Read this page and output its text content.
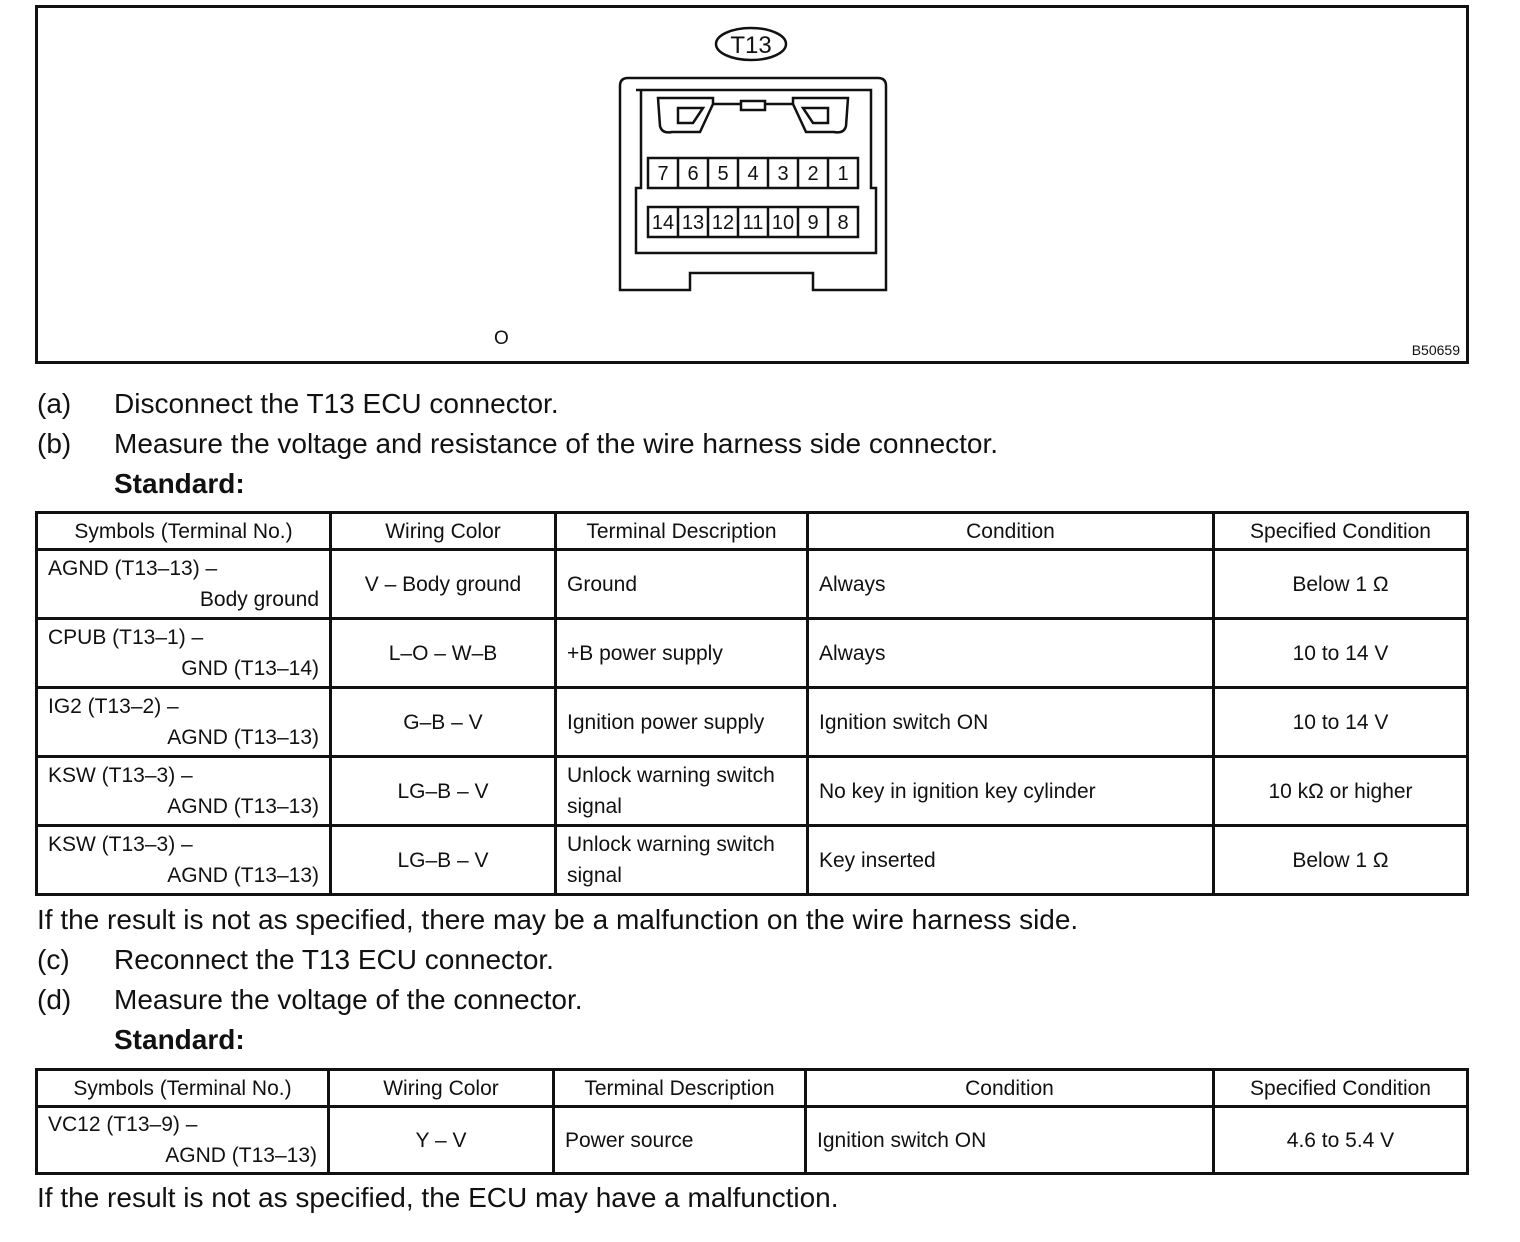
T13
7 6 5 4 3 2 1
14 13 12 11 10 9 8
O
B50659
(a) Disconnect the T13 ECU connector.
(b) Measure the voltage and resistance of the wire harness side connector.
Standard:
Symbols (Terminal No.)	Wiring Color	Terminal Description	Condition	Specified Condition

AGND (T13–13) –
Body ground	V – Body ground	Ground	Always	Below 1 Ω

CPUB (T13–1) –
GND (T13–14)	L–O – W–B	+B power supply	Always	10 to 14 V

IG2 (T13–2) –
AGND (T13–13)	G–B – V	Ignition power supply	Ignition switch ON	10 to 14 V

KSW (T13–3) –
AGND (T13–13)	LG–B – V	Unlock warning switch signal	No key in ignition key cylinder	10 kΩ or higher

KSW (T13–3) –
AGND (T13–13)	LG–B – V	Unlock warning switch signal	Key inserted	Below 1 Ω
If the result is not as specified, there may be a malfunction on the wire harness side.
(c) Reconnect the T13 ECU connector.
(d) Measure the voltage of the connector.
Standard:
Symbols (Terminal No.)	Wiring Color	Terminal Description	Condition	Specified Condition

VC12 (T13–9) –
AGND (T13–13)	Y – V	Power source	Ignition switch ON	4.6 to 5.4 V
If the result is not as specified, the ECU may have a malfunction.
